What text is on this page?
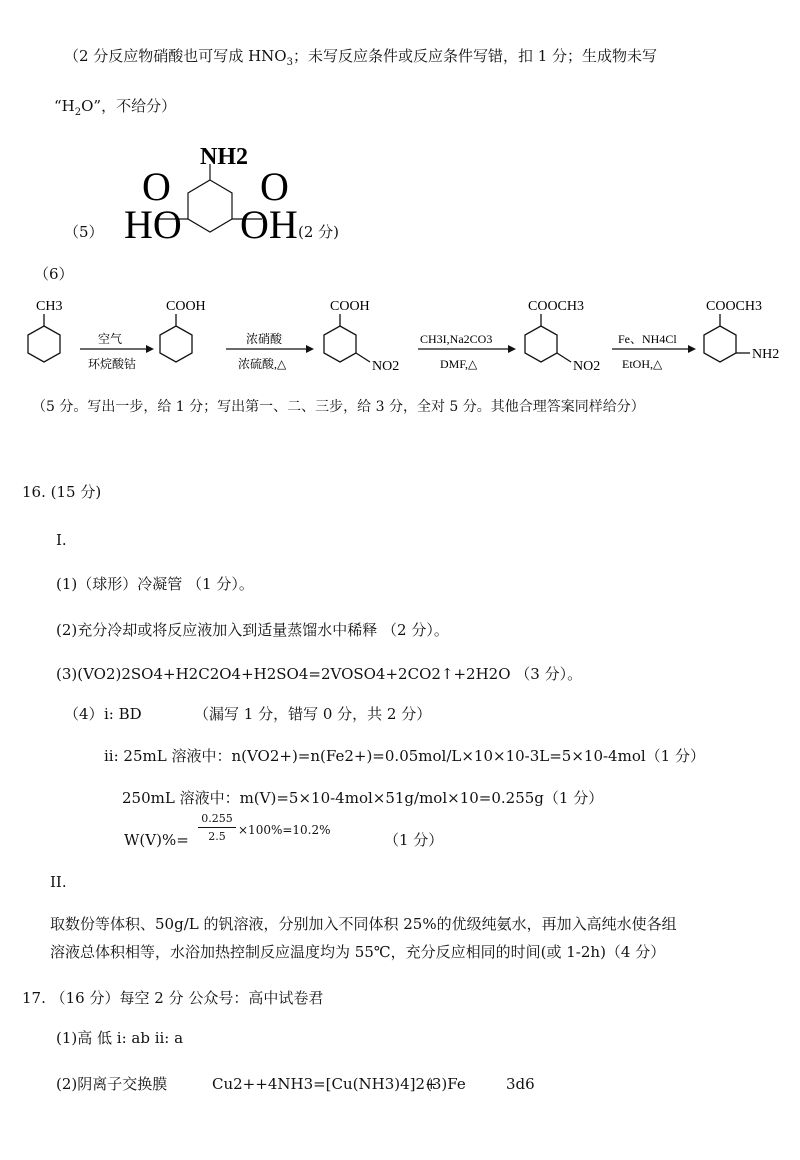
（2 分反应物硝酸也可写成 $HNO_3$；未写反应条件或反应条件写错，扣 1 分；生成物未写
“$H_2O$”，不给分）
（5）
NH2
O O
HO OH (2 分)
（6）
CH3	COOH	COOH	COOCH3	COOCH3
NO2	NO2
NH2
空气
环烷酸钴
浓硝酸
浓硫酸,△
CH3I,Na2CO3
DMF,△
Fe、NH4Cl
EtOH,△
（5 分。写出一步，给 1 分；写出第一、二、三步，给 3 分，全对 5 分。其他合理答案同样给分）
16. (15 分)
I.
(1)（球形）冷凝管 （1 分）。
(2)充分冷却或将反应液加入到适量蒸馏水中稀释 （2 分）。
(3)(VO2)2SO4+H2C2O4+H2SO4=2VOSO4+2CO2↑+2H2O （3 分）。
（4） i: BD	（漏写 1 分，错写 0 分，共 2 分）
ii: 25mL 溶液中：n(VO2+)=n(Fe2+)=0.05mol/L×10×10-3L=5×10-4mol（1 分）
250mL 溶液中：m(V)=5×10-4mol×51g/mol×10=0.255g（1 分）
$W(V)\%= \frac{0.255}{2.5} \times 100\%=10.2\%$
（1 分）
II.
取数份等体积、50g/L 的钒溶液，分别加入不同体积 25%的优级纯氨水，再加入高纯水使各组
溶液总体积相等，水浴加热控制反应温度均为 55℃，充分反应相同的时间(或 1-2h)（4 分）
17. （16 分）每空 2 分 公众号：高中试卷君
(1)高 低 i: ab ii: a
(2)阴离子交换膜	Cu2++4NH3=[Cu(NH3)4]2+
(3)Fe	3d6
